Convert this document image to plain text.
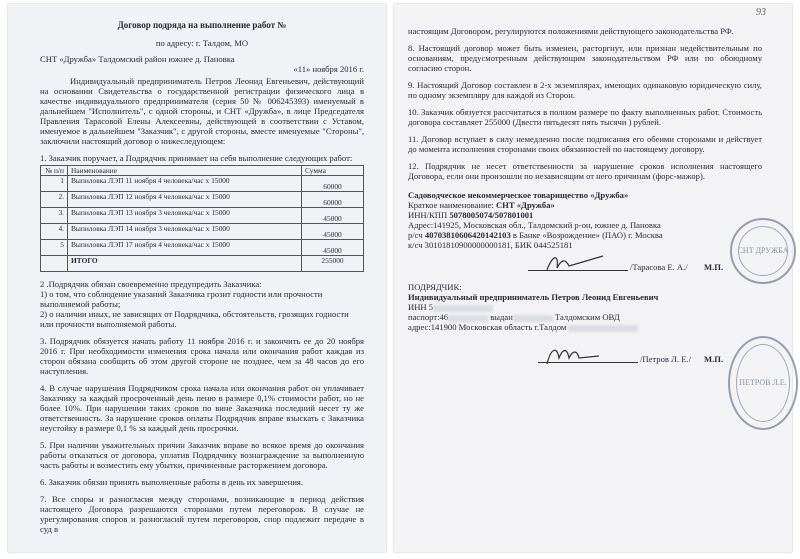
Договор подряда на выполнение работ №

по адресу: г. Талдом, МО

СНТ «Дружба» Талдомский район южнее д. Пановка

«11» ноября 2016 г.

Индивидуальный предприниматель Петров Леонид Евгеньевич, действующий на основании Свидетельства о государственной регистрации физического лица в качестве индивидуального предпринимателя (серия 50 № 006245393) именуемый в дальнейшем "Исполнитель", с одной стороны, и СНТ «Дружба», в лице Председателя Правления Тарасовой Елены Алексеевны, действующей в соответствии с Уставом, именуемое в дальнейшем "Заказчик", с другой стороны, вместе именуемые "Стороны", заключили настоящий договор о нижеследующем:

1. Заказчик поручает, а Подрядчик принимает на себя выполнение следующих работ:

№ п/п	Наименование	Сумма
1	Выпиловка ЛЭП 11 ноября 4 человека/час х 15000	60000
2.	Выпиловка ЛЭП 12 ноября 4 человека/час х 15000	60000
3.	Выпиловка ЛЭП 13 ноября 3 человека/час х 15000	45000
4.	Выпиловка ЛЭП 14 ноября 3 человека/час х 15000	45000
5	Выпиловка ЛЭП 17 ноября 4 человека/час х 15000	45000
	ИТОГО	255000

2 .Подрядчик обязан своевременно предупредить Заказчика:

1) о том, что соблюдение указаний Заказчика грозит годности или прочности выполняемой работы;

2) о наличии иных, не зависящих от Подрядчика, обстоятельств, грозящих годности или прочности выполняемой работы.

3. Подрядчик обязуется начать работу 11 ноября 2016 г. и закончить ее до 20 ноября 2016 г. При необходимости изменения срока начала или окончания работ каждая из сторон обязана сообщить об этом другой стороне не позднее, чем за 48 часов до его наступления.

4. В случае нарушения Подрядчиком срока начала или окончания работ он уплачивает Заказчику за каждый просроченный день пеню в размере 0,1% стоимости работ, но не более 10%. При нарушении таких сроков по вине Заказчика последний несет ту же ответственность. За нарушение сроков оплаты Подрядчик вправе взыскать с Заказчика неустойку в размере 0,1 % за каждый день просрочки.

5. При наличии уважительных причин Заказчик вправе во всякое время до окончания работы отказаться от договора, уплатив Подрядчику вознаграждение за выполненную часть работы и возместить ему убытки, причиненные расторжением договора.

6. Заказчик обязан принять выполненные работы в день их завершения.

7. Все споры и разногласия между сторонами, возникающие в период действия настоящего Договора разрешаются сторонами путем переговоров. В случае не урегулирования споров и разногласий путем переговоров, спор подлежит передаче в суд в

93

настоящим Договором, регулируются положениями действующего законодательства РФ.

8. Настоящий договор может быть изменен, расторгнут, или признан недействительным по основаниям, предусмотренным действующим законодательством РФ или по обоюдному согласию сторон.

9. Настоящий Договор составлен в 2-х экземплярах, имеющих одинаковую юридическую силу, по одному экземпляру для каждой из Сторон.

10. Заказчик обязуется рассчитаться в полном размере по факту выполненных работ. Стоимость договора составляет 255000 (Двести пятьдесят пять тысячи ) рублей.

11. Договор вступает в силу немедленно после подписания его обеими сторонами и действует до момента исполнения сторонами своих обязанностей по настоящему договору.

12. Подрядчик не несет ответственности за нарушение сроков исполнения настоящего Договора, если они произошли по независящим от него причинам (форс-мажор).

Садоводческое некоммерческое товарищество «Дружба»

Краткое наименование: СНТ «Дружба»

ИНН/КПП 5078005074/507801001

Адрес:141925, Московская обл., Талдомский р-он, южнее д. Пановка

р/сч 40703810606420142103 в Банке «Возрождение» (ПАО) г. Москва

к/сч 30101810900000000181, БИК 044525181

/Тарасова Е. А./ М.П.
СНТ ДРУЖБА

ПОДРЯДЧИК:

Индивидуальный предприниматель Петров Леонид Евгеньевич

ИНН 5

паспорт:46	выдан	Талдомским ОВД

адрес:141900 Московская область г.Талдом

/Петров Л. Е./ М.П.
ПЕТРОВ Л.Е.
